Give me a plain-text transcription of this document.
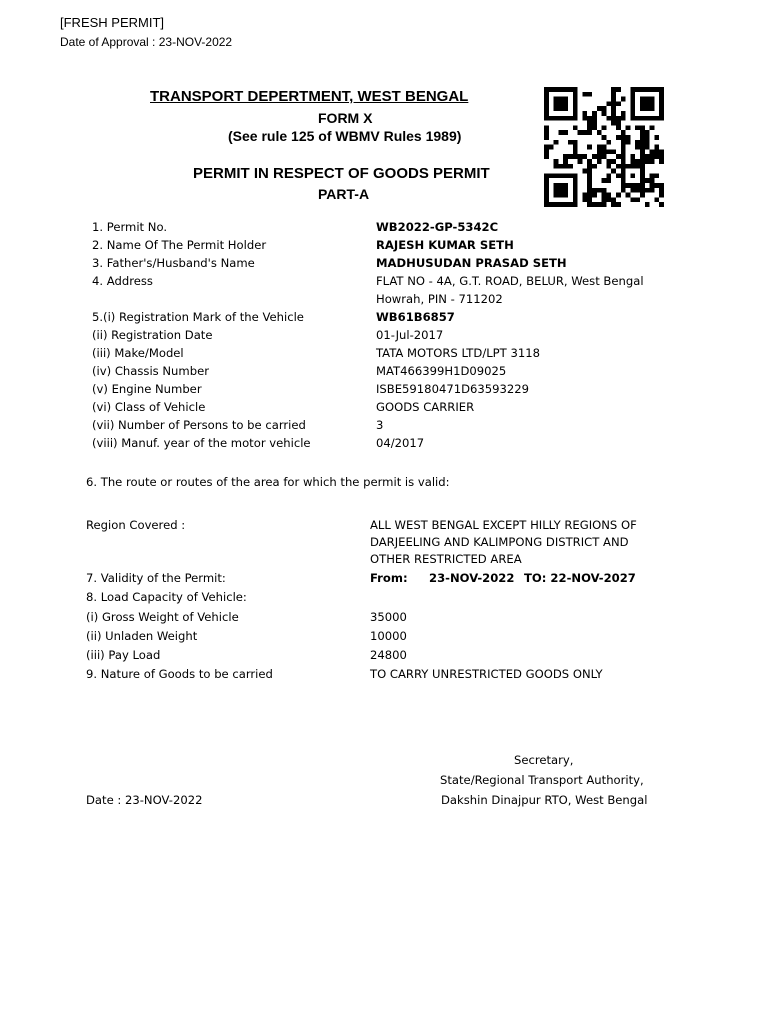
[FRESH PERMIT]
Date of Approval : 23-NOV-2022
TRANSPORT DEPERTMENT, WEST BENGAL
FORM X
(See rule 125 of WBMV Rules 1989)
PERMIT IN RESPECT OF GOODS PERMIT
PART-A
1. Permit No.	WB2022-GP-5342C
2. Name Of The Permit Holder	RAJESH KUMAR SETH
3. Father's/Husband's Name	MADHUSUDAN PRASAD SETH
4. Address	FLAT NO - 4A, G.T. ROAD, BELUR, West Bengal
Howrah, PIN - 711202
5.(i) Registration Mark of the Vehicle	WB61B6857
(ii) Registration Date	01-Jul-2017
(iii) Make/Model	TATA MOTORS LTD/LPT 3118
(iv) Chassis Number	MAT466399H1D09025
(v) Engine Number	ISBE59180471D63593229
(vi) Class of Vehicle	GOODS CARRIER
(vii) Number of Persons to be carried	3
(viii) Manuf. year of the motor vehicle	04/2017
6. The route or routes of the area for which the permit is valid:
Region Covered :	ALL WEST BENGAL EXCEPT HILLY REGIONS OF
DARJEELING AND KALIMPONG DISTRICT AND
OTHER RESTRICTED AREA
7. Validity of the Permit:	From: 23-NOV-2022 TO: 22-NOV-2027
8. Load Capacity of Vehicle:
(i) Gross Weight of Vehicle	35000
(ii) Unladen Weight	10000
(iii) Pay Load	24800
9. Nature of Goods to be carried	TO CARRY UNRESTRICTED GOODS ONLY
Secretary,
State/Regional Transport Authority,
Dakshin Dinajpur RTO, West Bengal
Date : 23-NOV-2022
